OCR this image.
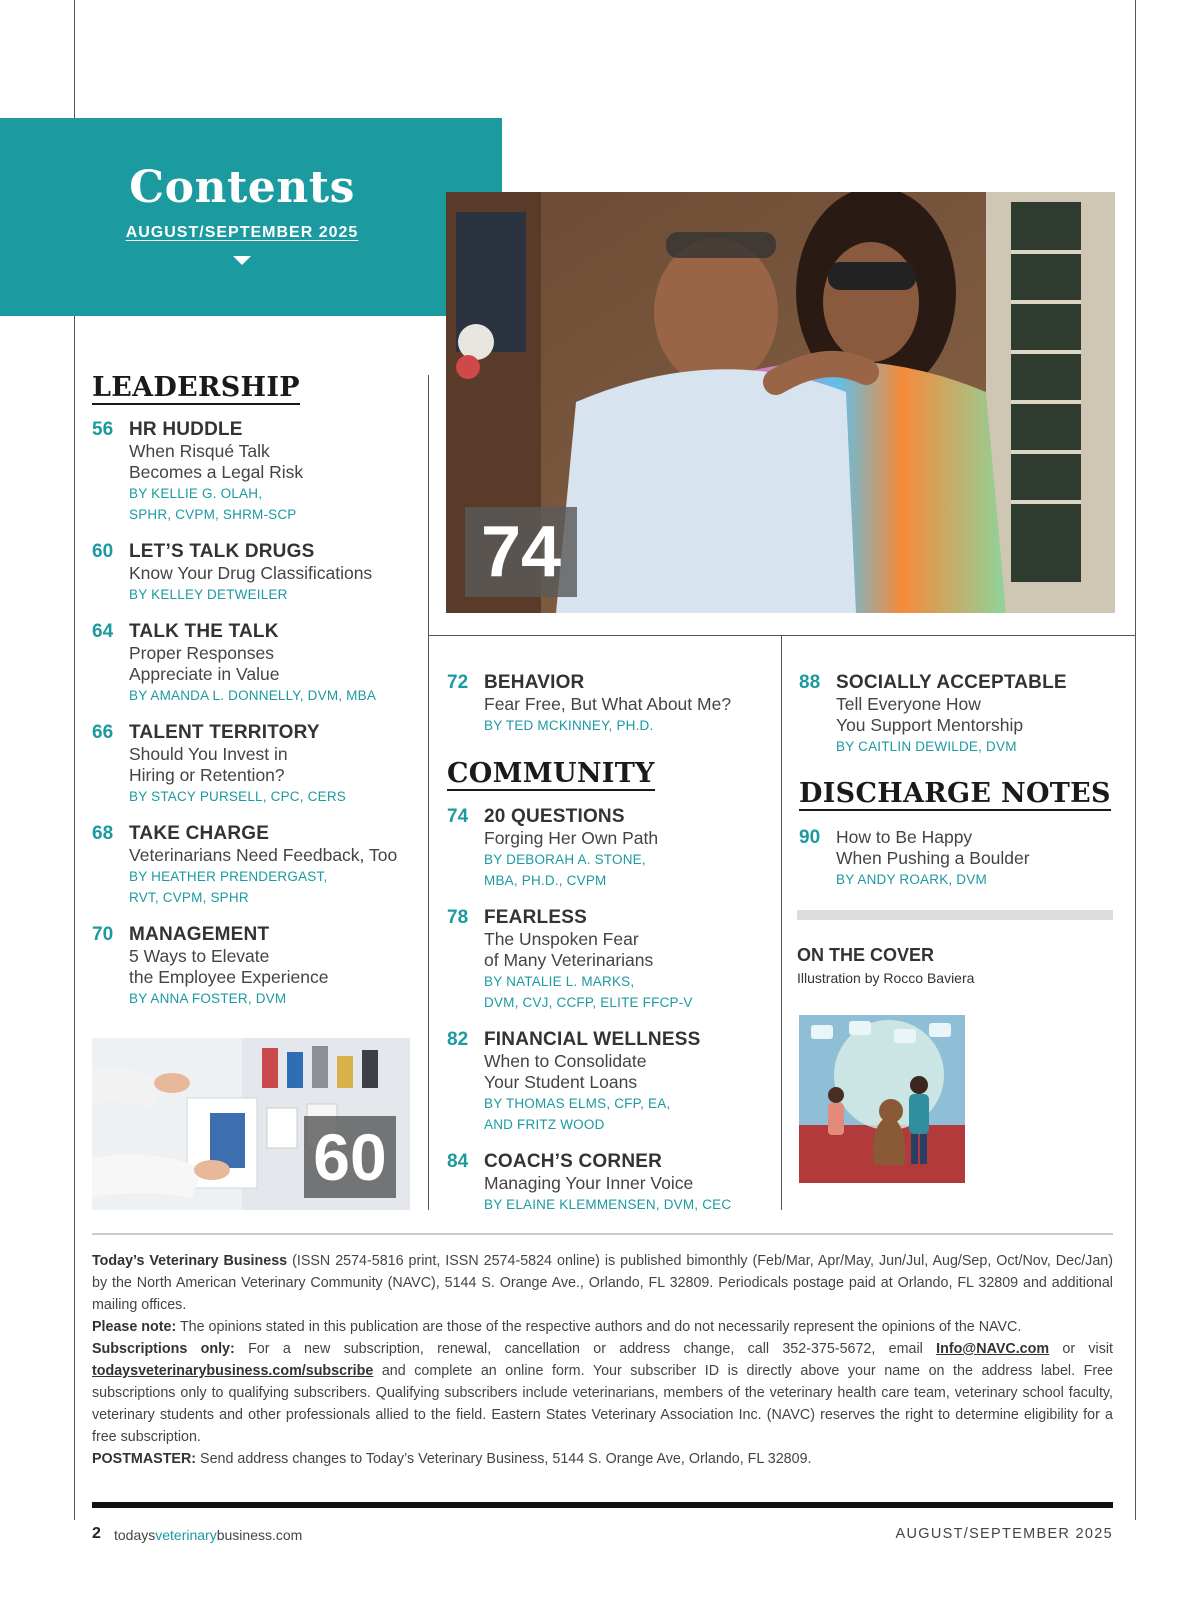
Contents
AUGUST/SEPTEMBER 2025
74
LEADERSHIP
56 HR HUDDLE
When Risqué Talk
Becomes a Legal Risk
BY KELLIE G. OLAH,
SPHR, CVPM, SHRM-SCP
60 LET’S TALK DRUGS
Know Your Drug Classifications
BY KELLEY DETWEILER
64 TALK THE TALK
Proper Responses
Appreciate in Value
BY AMANDA L. DONNELLY, DVM, MBA
66 TALENT TERRITORY
Should You Invest in
Hiring or Retention?
BY STACY PURSELL, CPC, CERS
68 TAKE CHARGE
Veterinarians Need Feedback, Too
BY HEATHER PRENDERGAST,
RVT, CVPM, SPHR
70 MANAGEMENT
5 Ways to Elevate
the Employee Experience
BY ANNA FOSTER, DVM
60
72 BEHAVIOR
Fear Free, But What About Me?
BY TED MCKINNEY, PH.D.
COMMUNITY
74 20 QUESTIONS
Forging Her Own Path
BY DEBORAH A. STONE,
MBA, PH.D., CVPM
78 FEARLESS
The Unspoken Fear
of Many Veterinarians
BY NATALIE L. MARKS,
DVM, CVJ, CCFP, ELITE FFCP-V
82 FINANCIAL WELLNESS
When to Consolidate
Your Student Loans
BY THOMAS ELMS, CFP, EA,
AND FRITZ WOOD
84 COACH’S CORNER
Managing Your Inner Voice
BY ELAINE KLEMMENSEN, DVM, CEC
88 SOCIALLY ACCEPTABLE
Tell Everyone How
You Support Mentorship
BY CAITLIN DEWILDE, DVM
DISCHARGE NOTES
90 How to Be Happy
When Pushing a Boulder
BY ANDY ROARK, DVM
ON THE COVER
Illustration by Rocco Baviera

Today’s Veterinary Business (ISSN 2574-5816 print, ISSN 2574-5824 online) is published bimonthly (Feb/Mar, Apr/May, Jun/Jul, Aug/Sep, Oct/Nov, Dec/Jan) by the North American Veterinary Community (NAVC), 5144 S. Orange Ave., Orlando, FL 32809. Periodicals postage paid at Orlando, FL 32809 and additional mailing offices.

Please note: The opinions stated in this publication are those of the respective authors and do not necessarily represent the opinions of the NAVC.

Subscriptions only: For a new subscription, renewal, cancellation or address change, call 352-375-5672, email Info@NAVC.com or visit todaysveterinarybusiness.com/subscribe and complete an online form. Your subscriber ID is directly above your name on the address label. Free subscriptions only to qualifying subscribers. Qualifying subscribers include veterinarians, members of the veterinary health care team, veterinary school faculty, veterinary students and other professionals allied to the field. Eastern States Veterinary Association Inc. (NAVC) reserves the right to determine eligibility for a free subscription.

POSTMASTER: Send address changes to Today’s Veterinary Business, 5144 S. Orange Ave, Orlando, FL 32809.

2 todaysveterinarybusiness.com	AUGUST/SEPTEMBER 2025
